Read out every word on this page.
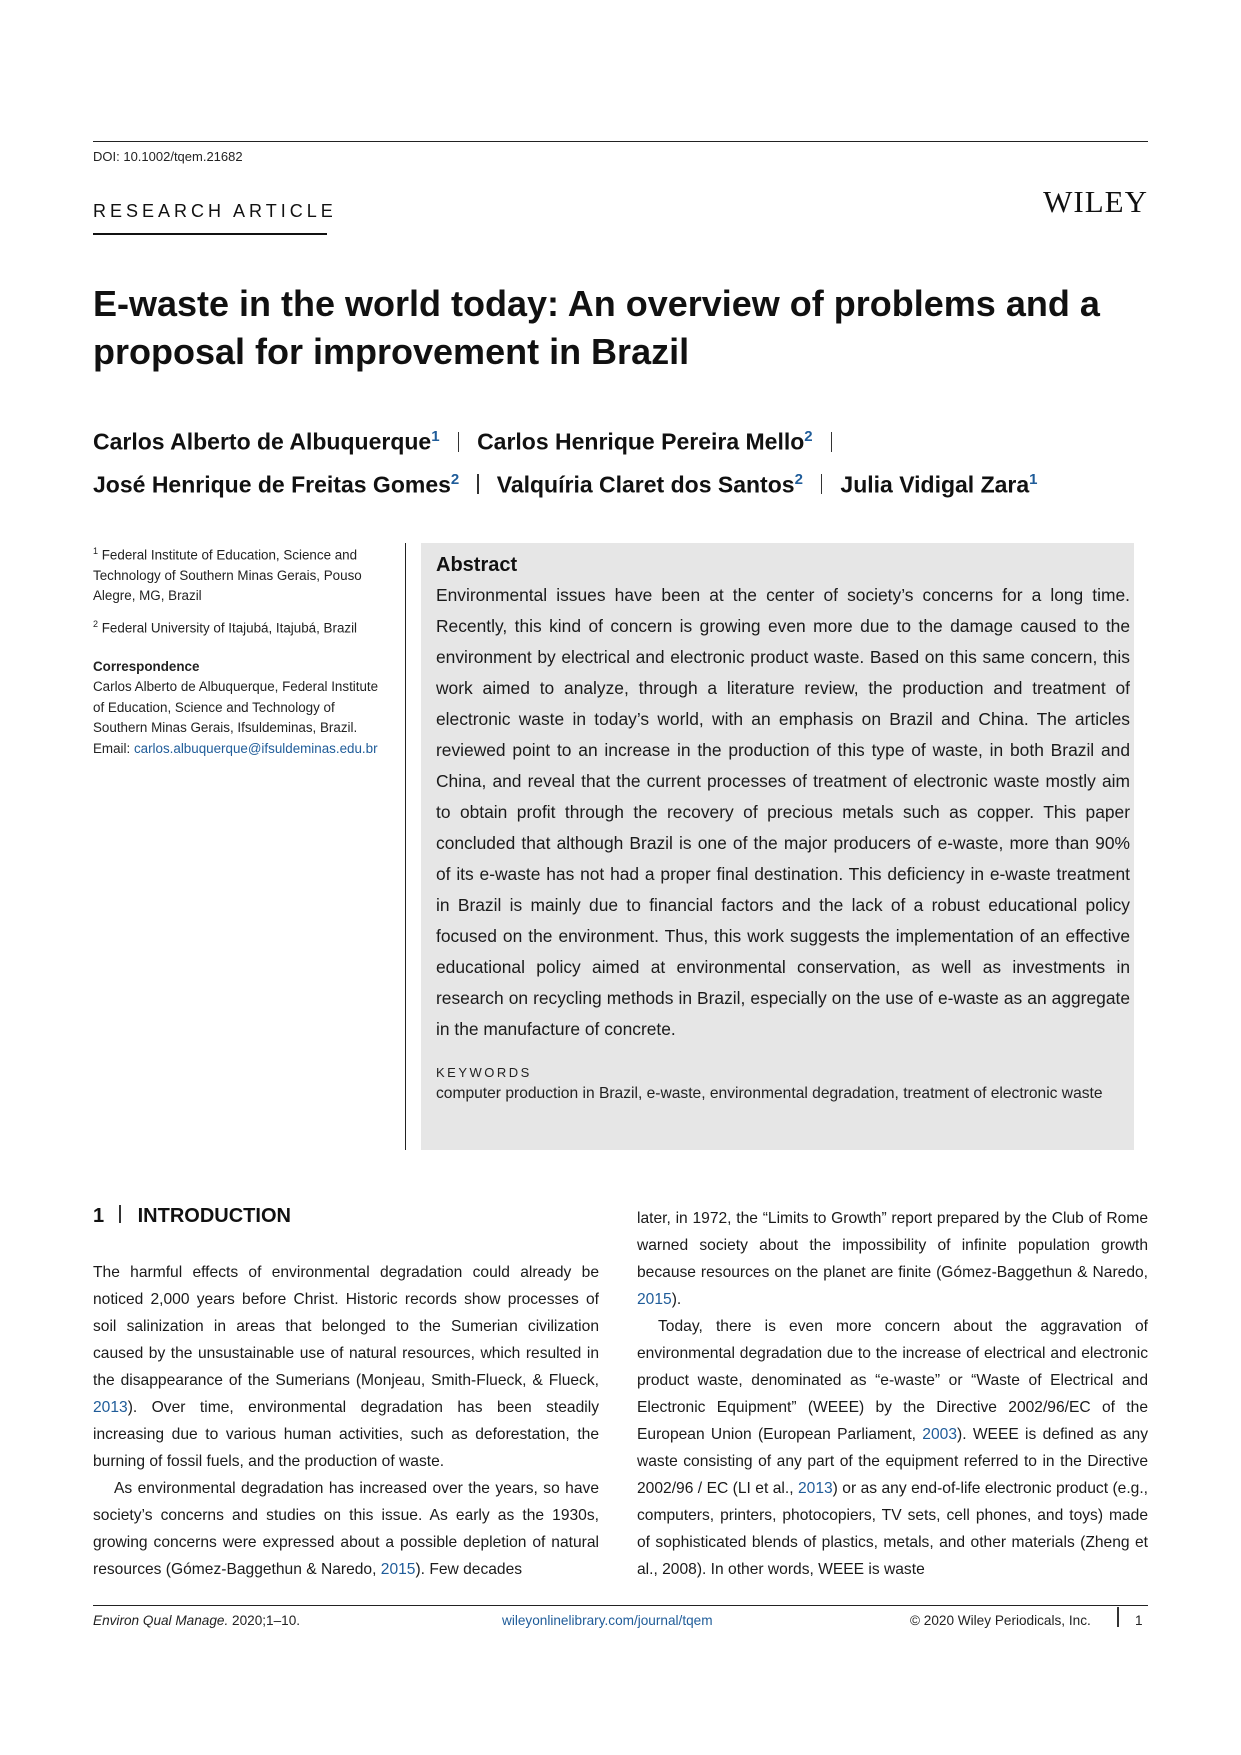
DOI: 10.1002/tqem.21682
RESEARCH ARTICLE	WILEY
E-waste in the world today: An overview of problems and a
proposal for improvement in Brazil
Carlos Alberto de Albuquerque$^1$ Carlos Henrique Pereira Mello$^2$
José Henrique de Freitas Gomes$^2$ Valquíria Claret dos Santos$^2$ Julia Vidigal Zara$^1$

$^1$ Federal Institute of Education, Science and Technology of Southern Minas Gerais, Pouso Alegre, MG, Brazil

$^2$ Federal University of Itajubá, Itajubá, Brazil

Correspondence

Carlos Alberto de Albuquerque, Federal Institute of Education, Science and Technology of Southern Minas Gerais, Ifsuldeminas, Brazil.
Email: carlos.albuquerque@ifsuldeminas.edu.br

Abstract

Environmental issues have been at the center of society’s concerns for a long time. Recently, this kind of concern is growing even more due to the damage caused to the environment by electrical and electronic product waste. Based on this same concern, this work aimed to analyze, through a literature review, the production and treatment of electronic waste in today’s world, with an emphasis on Brazil and China. The articles reviewed point to an increase in the production of this type of waste, in both Brazil and China, and reveal that the current processes of treatment of electronic waste mostly aim to obtain profit through the recovery of precious metals such as copper. This paper concluded that although Brazil is one of the major producers of e-waste, more than 90% of its e-waste has not had a proper final destination. This deficiency in e-waste treatment in Brazil is mainly due to financial factors and the lack of a robust educational policy focused on the environment. Thus, this work suggests the implementation of an effective educational policy aimed at environmental conservation, as well as investments in research on recycling methods in Brazil, especially on the use of e-waste as an aggregate in the manufacture of concrete.

KEYWORDS
computer production in Brazil, e-waste, environmental degradation, treatment of electronic waste
1 INTRODUCTION

The harmful effects of environmental degradation could already be noticed 2,000 years before Christ. Historic records show processes of soil salinization in areas that belonged to the Sumerian civilization caused by the unsustainable use of natural resources, which resulted in the disappearance of the Sumerians (Monjeau, Smith-Flueck, & Flueck, 2013). Over time, environmental degradation has been steadily increasing due to various human activities, such as deforestation, the burning of fossil fuels, and the production of waste.

As environmental degradation has increased over the years, so have society’s concerns and studies on this issue. As early as the 1930s, growing concerns were expressed about a possible depletion of natural resources (Gómez-Baggethun & Naredo, 2015). Few decades

later, in 1972, the “Limits to Growth” report prepared by the Club of Rome warned society about the impossibility of infinite population growth because resources on the planet are finite (Gómez-Baggethun & Naredo, 2015).

Today, there is even more concern about the aggravation of environmental degradation due to the increase of electrical and electronic product waste, denominated as “e-waste” or “Waste of Electrical and Electronic Equipment” (WEEE) by the Directive 2002/96/EC of the European Union (European Parliament, 2003). WEEE is defined as any waste consisting of any part of the equipment referred to in the Directive 2002/96 / EC (LI et al., 2013) or as any end-of-life electronic product (e.g., computers, printers, photocopiers, TV sets, cell phones, and toys) made of sophisticated blends of plastics, metals, and other materials (Zheng et al., 2008). In other words, WEEE is waste

Environ Qual Manage. 2020;1–10.	wileyonlinelibrary.com/journal/tqem	© 2020 Wiley Periodicals, Inc.	1
